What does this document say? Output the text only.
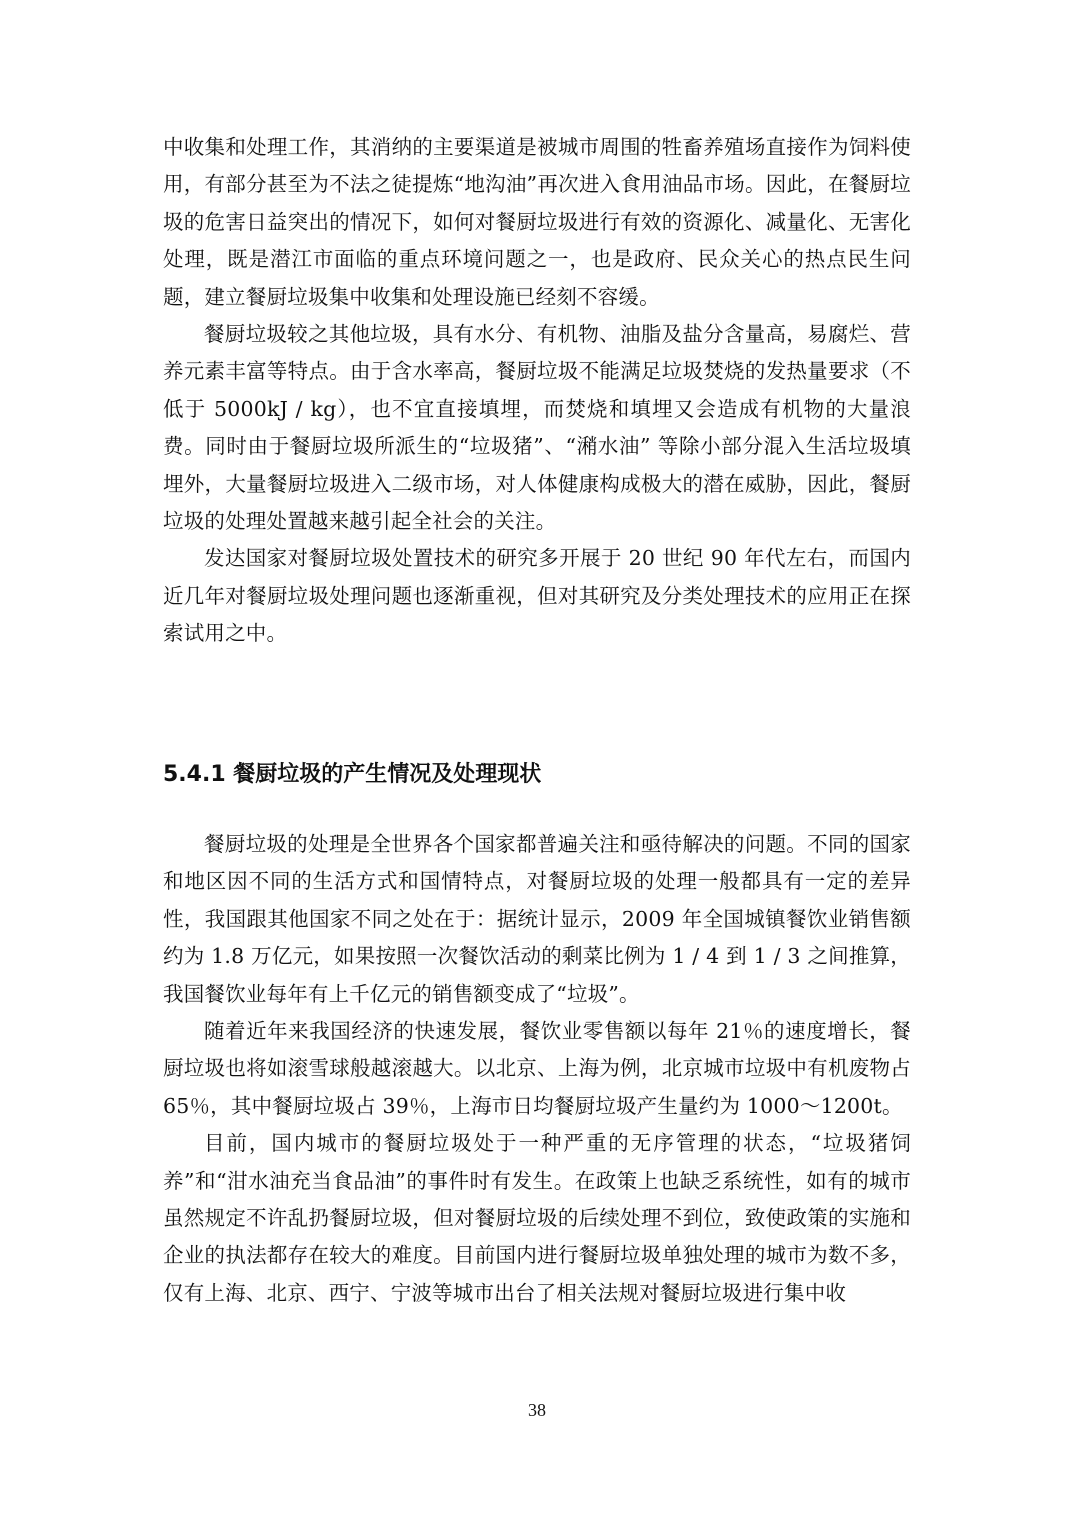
中收集和处理工作，其消纳的主要渠道是被城市周围的牲畜养殖场直接作为饲料使用，有部分甚至为不法之徒提炼“地沟油”再次进入食用油品市场。因此，在餐厨垃圾的危害日益突出的情况下，如何对餐厨垃圾进行有效的资源化、减量化、无害化处理，既是潜江市面临的重点环境问题之一，也是政府、民众关心的热点民生问题，建立餐厨垃圾集中收集和处理设施已经刻不容缓。

餐厨垃圾较之其他垃圾，具有水分、有机物、油脂及盐分含量高，易腐烂、营养元素丰富等特点。由于含水率高，餐厨垃圾不能满足垃圾焚烧的发热量要求（不低于 5000kJ / kg），也不宜直接填埋，而焚烧和填埋又会造成有机物的大量浪费。同时由于餐厨垃圾所派生的“垃圾猪”、“潲水油” 等除小部分混入生活垃圾填埋外，大量餐厨垃圾进入二级市场，对人体健康构成极大的潜在威胁，因此，餐厨垃圾的处理处置越来越引起全社会的关注。

发达国家对餐厨垃圾处置技术的研究多开展于 20 世纪 90 年代左右，而国内近几年对餐厨垃圾处理问题也逐渐重视，但对其研究及分类处理技术的应用正在探索试用之中。

5.4.1 餐厨垃圾的产生情况及处理现状

餐厨垃圾的处理是全世界各个国家都普遍关注和亟待解决的问题。不同的国家和地区因不同的生活方式和国情特点，对餐厨垃圾的处理一般都具有一定的差异性，我国跟其他国家不同之处在于：据统计显示，2009 年全国城镇餐饮业销售额约为 1.8 万亿元，如果按照一次餐饮活动的剩菜比例为 1 / 4 到 1 / 3 之间推算，我国餐饮业每年有上千亿元的销售额变成了“垃圾”。

随着近年来我国经济的快速发展，餐饮业零售额以每年 21％的速度增长，餐厨垃圾也将如滚雪球般越滚越大。以北京、上海为例，北京城市垃圾中有机废物占 65％，其中餐厨垃圾占 39％，上海市日均餐厨垃圾产生量约为 1000～1200t。

目前，国内城市的餐厨垃圾处于一种严重的无序管理的状态，“垃圾猪饲养”和“泔水油充当食品油”的事件时有发生。在政策上也缺乏系统性，如有的城市虽然规定不许乱扔餐厨垃圾，但对餐厨垃圾的后续处理不到位，致使政策的实施和企业的执法都存在较大的难度。目前国内进行餐厨垃圾单独处理的城市为数不多，仅有上海、北京、西宁、宁波等城市出台了相关法规对餐厨垃圾进行集中收

38
